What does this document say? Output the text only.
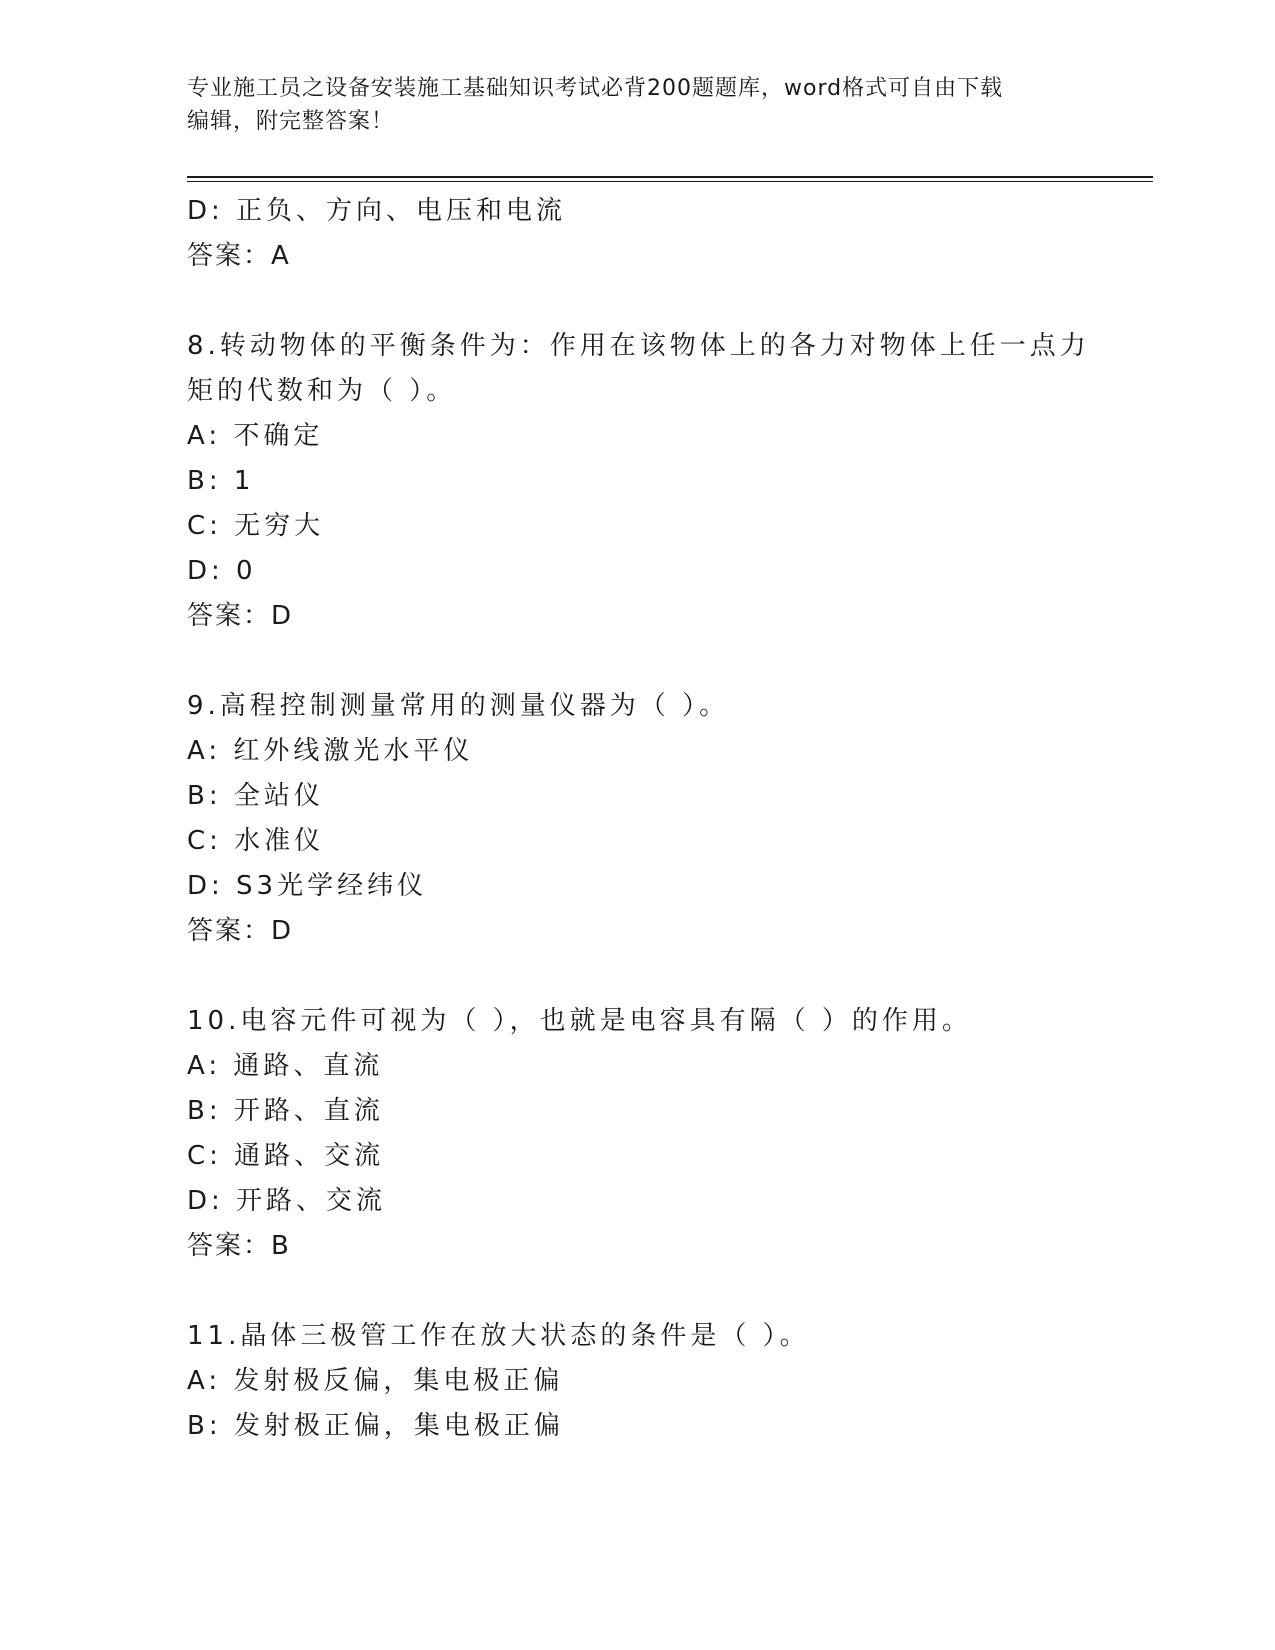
专业施工员之设备安装施工基础知识考试必背200题题库，word格式可自由下载
编辑，附完整答案！
D: 正负、方向、电压和电流
答案：A
8.转动物体的平衡条件为：作用在该物体上的各力对物体上任一点力
矩的代数和为（ ）。
A: 不确定
B: 1
C: 无穷大
D: 0
答案：D
9.高程控制测量常用的测量仪器为（ ）。
A: 红外线激光水平仪
B: 全站仪
C: 水准仪
D: S3光学经纬仪
答案：D
10.电容元件可视为（ ），也就是电容具有隔（ ）的作用。
A: 通路、直流
B: 开路、直流
C: 通路、交流
D: 开路、交流
答案：B
11.晶体三极管工作在放大状态的条件是（ ）。
A: 发射极反偏，集电极正偏
B: 发射极正偏，集电极正偏
